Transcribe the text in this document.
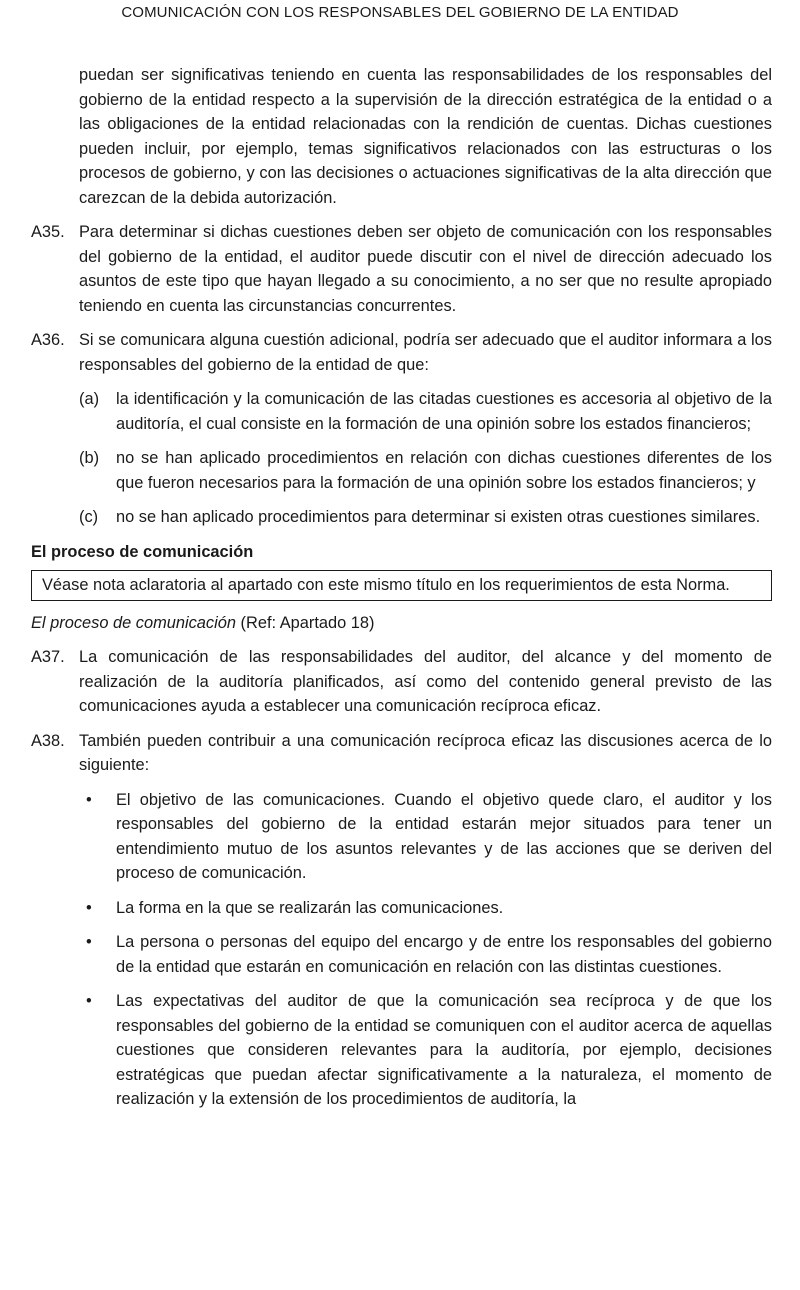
COMUNICACIÓN CON LOS RESPONSABLES DEL GOBIERNO DE LA ENTIDAD

puedan ser significativas teniendo en cuenta las responsabilidades de los responsables del gobierno de la entidad respecto a la supervisión de la dirección estratégica de la entidad o a las obligaciones de la entidad relacionadas con la rendición de cuentas. Dichas cuestiones pueden incluir, por ejemplo, temas significativos relacionados con las estructuras o los procesos de gobierno, y con las decisiones o actuaciones significativas de la alta dirección que carezcan de la debida autorización.

A35. Para determinar si dichas cuestiones deben ser objeto de comunicación con los responsables del gobierno de la entidad, el auditor puede discutir con el nivel de dirección adecuado los asuntos de este tipo que hayan llegado a su conocimiento, a no ser que no resulte apropiado teniendo en cuenta las circunstancias concurrentes.
A36. Si se comunicara alguna cuestión adicional, podría ser adecuado que el auditor informara a los responsables del gobierno de la entidad de que:
(a)	la identificación y la comunicación de las citadas cuestiones es accesoria al objetivo de la auditoría, el cual consiste en la formación de una opinión sobre los estados financieros;
(b)	no se han aplicado procedimientos en relación con dichas cuestiones diferentes de los que fueron necesarios para la formación de una opinión sobre los estados financieros; y
(c)	no se han aplicado procedimientos para determinar si existen otras cuestiones similares.
El proceso de comunicación
Véase nota aclaratoria al apartado con este mismo título en los requerimientos de esta Norma.
El proceso de comunicación (Ref: Apartado 18)
A37. La comunicación de las responsabilidades del auditor, del alcance y del momento de realización de la auditoría planificados, así como del contenido general previsto de las comunicaciones ayuda a establecer una comunicación recíproca eficaz.
A38. También pueden contribuir a una comunicación recíproca eficaz las discusiones acerca de lo siguiente:
•	El objetivo de las comunicaciones. Cuando el objetivo quede claro, el auditor y los responsables del gobierno de la entidad estarán mejor situados para tener un entendimiento mutuo de los asuntos relevantes y de las acciones que se deriven del proceso de comunicación.
•	La forma en la que se realizarán las comunicaciones.
•	La persona o personas del equipo del encargo y de entre los responsables del gobierno de la entidad que estarán en comunicación en relación con las distintas cuestiones.
•	Las expectativas del auditor de que la comunicación sea recíproca y de que los responsables del gobierno de la entidad se comuniquen con el auditor acerca de aquellas cuestiones que consideren relevantes para la auditoría, por ejemplo, decisiones estratégicas que puedan afectar significativamente a la naturaleza, el momento de realización y la extensión de los procedimientos de auditoría, la
